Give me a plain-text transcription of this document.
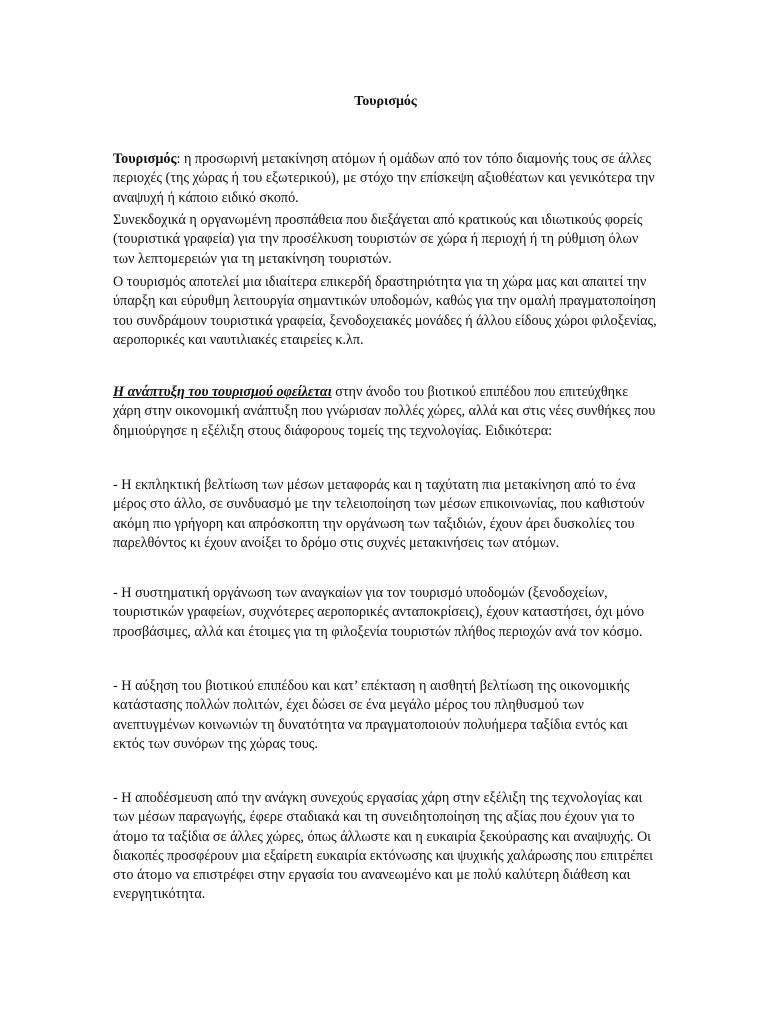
Τουρισμός

Τουρισμός: η προσωρινή μετακίνηση ατόμων ή ομάδων από τον τόπο διαμονής τους σε άλλες περιοχές (της χώρας ή του εξωτερικού), με στόχο την επίσκεψη αξιοθέατων και γενικότερα την αναψυχή ή κάποιο ειδικό σκοπό.

Συνεκδοχικά η οργανωμένη προσπάθεια που διεξάγεται από κρατικούς και ιδιωτικούς φορείς (τουριστικά γραφεία) για την προσέλκυση τουριστών σε χώρα ή περιοχή ή τη ρύθμιση όλων των λεπτομερειών για τη μετακίνηση τουριστών.

Ο τουρισμός αποτελεί μια ιδιαίτερα επικερδή δραστηριότητα για τη χώρα μας και απαιτεί την ύπαρξη και εύρυθμη λειτουργία σημαντικών υποδομών, καθώς για την ομαλή πραγματοποίηση του συνδράμουν τουριστικά γραφεία, ξενοδοχειακές μονάδες ή άλλου είδους χώροι φιλοξενίας, αεροπορικές και ναυτιλιακές εταιρείες κ.λπ.

Η ανάπτυξη του τουρισμού οφείλεται στην άνοδο του βιοτικού επιπέδου που επιτεύχθηκε χάρη στην οικονομική ανάπτυξη που γνώρισαν πολλές χώρες, αλλά και στις νέες συνθήκες που δημιούργησε η εξέλιξη στους διάφορους τομείς της τεχνολογίας. Ειδικότερα:

- Η εκπληκτική βελτίωση των μέσων μεταφοράς και η ταχύτατη πια μετακίνηση από το ένα μέρος στο άλλο, σε συνδυασμό με την τελειοποίηση των μέσων επικοινωνίας, που καθιστούν ακόμη πιο γρήγορη και απρόσκοπτη την οργάνωση των ταξιδιών, έχουν άρει δυσκολίες του παρελθόντος κι έχουν ανοίξει το δρόμο στις συχνές μετακινήσεις των ατόμων.

- Η συστηματική οργάνωση των αναγκαίων για τον τουρισμό υποδομών (ξενοδοχείων, τουριστικών γραφείων, συχνότερες αεροπορικές ανταποκρίσεις), έχουν καταστήσει, όχι μόνο προσβάσιμες, αλλά και έτοιμες για τη φιλοξενία τουριστών πλήθος περιοχών ανά τον κόσμο.

- Η αύξηση του βιοτικού επιπέδου και κατ’ επέκταση η αισθητή βελτίωση της οικονομικής κατάστασης πολλών πολιτών, έχει δώσει σε ένα μεγάλο μέρος του πληθυσμού των ανεπτυγμένων κοινωνιών τη δυνατότητα να πραγματοποιούν πολυήμερα ταξίδια εντός και εκτός των συνόρων της χώρας τους.

- Η αποδέσμευση από την ανάγκη συνεχούς εργασίας χάρη στην εξέλιξη της τεχνολογίας και των μέσων παραγωγής, έφερε σταδιακά και τη συνειδητοποίηση της αξίας που έχουν για το άτομο τα ταξίδια σε άλλες χώρες, όπως άλλωστε και η ευκαιρία ξεκούρασης και αναψυχής. Οι διακοπές προσφέρουν μια εξαίρετη ευκαιρία εκτόνωσης και ψυχικής χαλάρωσης που επιτρέπει στο άτομο να επιστρέφει στην εργασία του ανανεωμένο και με πολύ καλύτερη διάθεση και ενεργητικότητα.
